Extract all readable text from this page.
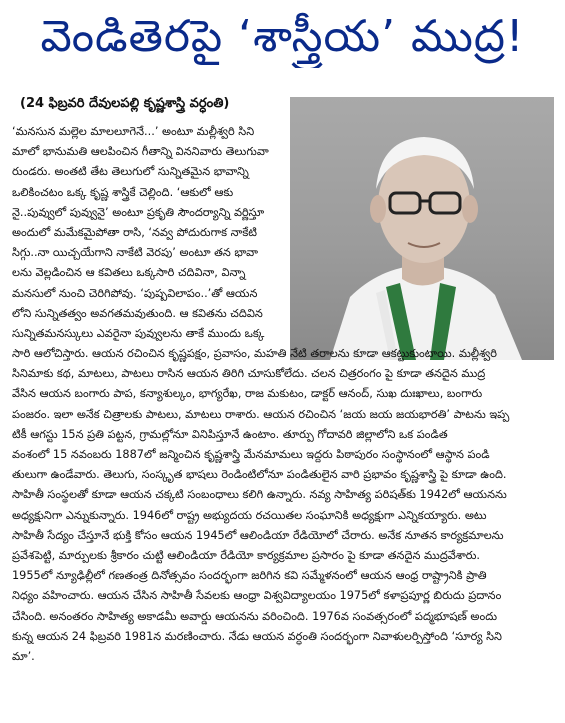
వెండితెరపై ‘శాస్త్రీయ’ ముద్ర!
(24 ఫిబ్రవరి దేవులపల్లి కృష్ణశాస్త్రి వర్ధంతి)
‘మనసున మల్లెల మాలలూగెనే...’ అంటూ మల్లీశ్వరి సిని
మాలో భానుమతి ఆలపించిన గీతాన్ని విననివారు తెలుగువా
రుండరు. అంతటి తేట తెలుగులో సున్నితమైన భావాన్ని
ఒలికించటం ఒక్క కృష్ణ శాస్త్రికే చెల్లింది. ‘ఆకులో ఆకు
నై..పువ్వులో పువ్వునై’ అంటూ ప్రకృతి సౌందర్యాన్ని వర్ణిస్తూ
అందులో మమేకమైపోతా రాసి, ‘నవ్వ పోదురుగాక నాకేటి
సిగ్గు..నా యిచ్చయేగాని నాకేటి వెరపు’ అంటూ తన భావా
లను వెల్లడించిన ఆ కవితలు ఒక్కసారి చదివినా, విన్నా
మనసులో నుంచి చెరిగిపోవు. ‘పుష్పవిలాపం..’తో ఆయన
లోని సున్నితత్వం అవగతమవుతుంది. ఆ కవితను చదివిన
సున్నితమనస్కులు ఎవరైనా పువ్వులను తాకే ముందు ఒక్క
సారి ఆలోచిస్తారు. ఆయన రచించిన కృష్ణపక్షం, ప్రవాసం, మహతి నేటి తరాలను కూడా ఆకట్టుకుంటాయి. మల్లీశ్వరి
సినిమాకు కథ, మాటలు, పాటలు రాసిన ఆయన తిరిగి చూసుకోలేదు. చలన చిత్రరంగం పై కూడా తనదైన ముద్ర
వేసిన ఆయన బంగారు పాప, కన్యాశుల్కం, భాగ్యరేఖ, రాజ మకుటం, డాక్టర్ ఆనంద్, సుఖ దుఃఖాలు, బంగారు
పంజరం. ఇలా అనేక చిత్రాలకు పాటలు, మాటలు రాశారు. ఆయన రచించిన ‘జయ జయ జయభారతి’ పాటను ఇప్ప
టికీ ఆగస్టు 15న ప్రతి పట్టన, గ్రామల్లోనూ వినిపిస్తూనే ఉంటాం. తూర్పు గోదావరి జిల్లాలోని ఒక పండిత
వంశంలో 15 నవంబరు 1887లో జన్మించిన కృష్ణశాస్త్రి మేనమామలు ఇద్దరు పిఠాపురం సంస్థానంలో ఆస్థాన పండి
తులుగా ఉండేవారు. తెలుగు, సంస్కృత భాషలు రెండింటిలోనూ పండితులైన వారి ప్రభావం కృష్ణశాస్త్రి పై కూడా ఉంది.
సాహితీ సంస్థలతో కూడా ఆయన చక్కటి సంబంధాలు కలిగి ఉన్నారు. నవ్య సాహిత్య పరిషత్‌కు 1942లో ఆయనను
అధ్యక్షునిగా ఎన్నుకున్నారు. 1946లో రాష్ట్ర అభ్యుదయ రచయితల సంఘానికి అధ్యక్షుగా ఎన్నికయ్యారు. అటు
సాహితీ సేద్యం చేస్తూనే భుక్తి కోసం ఆయన 1945లో ఆలిండియా రేడియోలో చేరారు. అనేక నూతన కార్యక్రమాలను
ప్రవేశపెట్టి, మార్పులకు శ్రీకారం చుట్టి ఆలిండియా రేడియో కార్యక్రమాల ప్రసారం పై కూడా తనదైన ముద్రవేశారు.
1955లో న్యూఢిల్లీలో గణతంత్ర దినోత్సవం సందర్భంగా జరిగిన కవి సమ్మేళనంలో ఆయన ఆంధ్ర రాష్ట్రానికి ప్రాతి
నిధ్యం వహించారు. ఆయన చేసిన సాహితీ సేవలకు ఆంధ్రా విశ్వవిద్యాలయం 1975లో కళాప్రపూర్ణ బిరుదు ప్రదానం
చేసింది. అనంతరం సాహిత్య అకాడమీ అవార్డు ఆయనను వరించింది. 1976వ సంవత్సరంలో పద్మభూషణ్ అందు
కున్న ఆయన 24 ఫిబ్రవరి 1981న మరణించారు. నేడు ఆయన వర్ధంతి సందర్భంగా నివాళులర్పిస్తోంది ‘సూర్య సిని
మా’.
